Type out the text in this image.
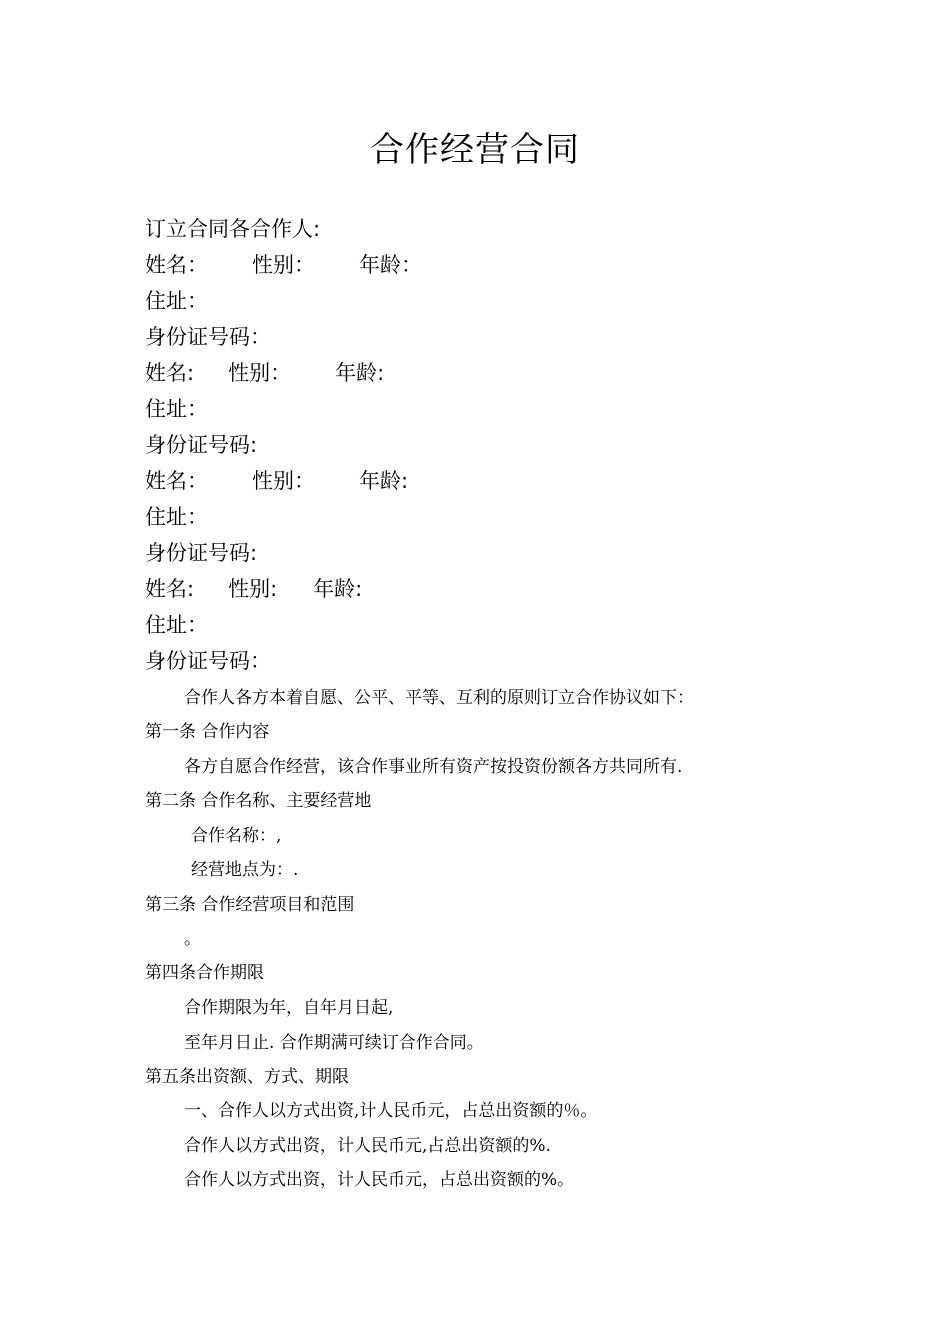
合作经营合同
订立合同各合作人:
姓名： 性别： 年龄：
住址：
身份证号码：
姓名: 性别： 年龄:
住址：
身份证号码:
姓名： 性别： 年龄:
住址：
身份证号码:
姓名: 性别: 年龄:
住址：
身份证号码：
合作人各方本着自愿、公平、平等、互利的原则订立合作协议如下：
第一条 合作内容
各方自愿合作经营，该合作事业所有资产按投资份额各方共同所有.
第二条 合作名称、主要经营地
合作名称：,
经营地点为：.
第三条 合作经营项目和范围
。
第四条合作期限
合作期限为年，自年月日起,
至年月日止. 合作期满可续订合作合同。
第五条出资额、方式、期限
一、合作人以方式出资,计人民币元，占总出资额的％。
合作人以方式出资，计人民币元,占总出资额的%.
合作人以方式出资，计人民币元，占总出资额的%。
